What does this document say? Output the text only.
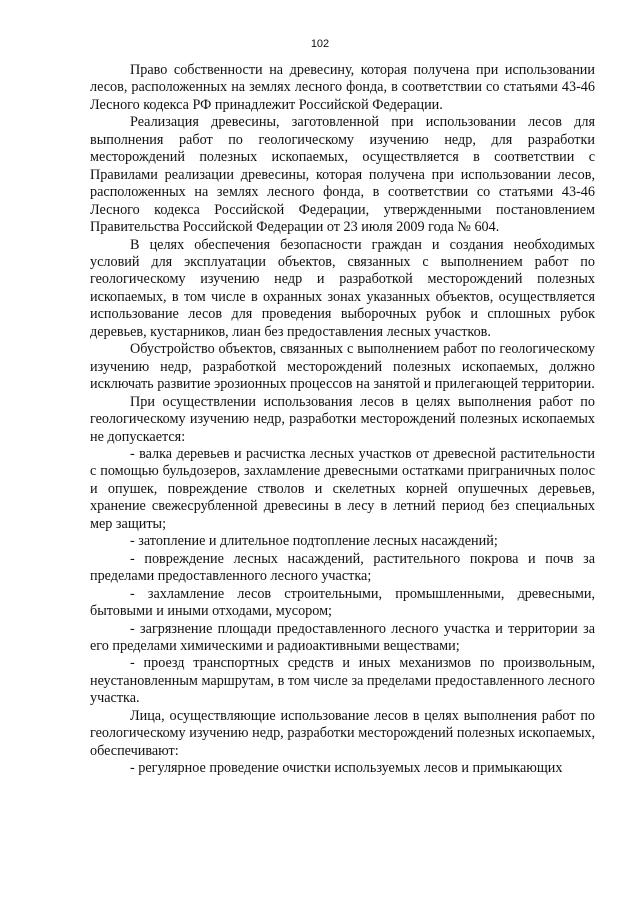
102

Право собственности на древесину, которая получена при использовании лесов, расположенных на землях лесного фонда, в соответствии со статьями 43-46 Лесного кодекса РФ принадлежит Российской Федерации.

Реализация древесины, заготовленной при использовании лесов для выполнения работ по геологическому изучению недр, для разработки месторождений полезных ископаемых, осуществляется в соответствии с Правилами реализации древесины, которая получена при использовании лесов, расположенных на землях лесного фонда, в соответствии со статьями 43-46 Лесного кодекса Российской Федерации, утвержденными постановлением Правительства Российской Федерации от 23 июля 2009 года № 604.

В целях обеспечения безопасности граждан и создания необходимых условий для эксплуатации объектов, связанных с выполнением работ по геологическому изучению недр и разработкой месторождений полезных ископаемых, в том числе в охранных зонах указанных объектов, осуществляется использование лесов для проведения выборочных рубок и сплошных рубок деревьев, кустарников, лиан без предоставления лесных участков.

Обустройство объектов, связанных с выполнением работ по геологическому изучению недр, разработкой месторождений полезных ископаемых, должно исключать развитие эрозионных процессов на занятой и прилегающей территории.

При осуществлении использования лесов в целях выполнения работ по геологическому изучению недр, разработки месторождений полезных ископаемых не допускается:

- валка деревьев и расчистка лесных участков от древесной растительности с помощью бульдозеров, захламление древесными остатками приграничных полос и опушек, повреждение стволов и скелетных корней опушечных деревьев, хранение свежесрубленной древесины в лесу в летний период без специальных мер защиты;

- затопление и длительное подтопление лесных насаждений;

- повреждение лесных насаждений, растительного покрова и почв за пределами предоставленного лесного участка;

- захламление лесов строительными, промышленными, древесными, бытовыми и иными отходами, мусором;

- загрязнение площади предоставленного лесного участка и территории за его пределами химическими и радиоактивными веществами;

- проезд транспортных средств и иных механизмов по произвольным, неустановленным маршрутам, в том числе за пределами предоставленного лесного участка.

Лица, осуществляющие использование лесов в целях выполнения работ по геологическому изучению недр, разработки месторождений полезных ископаемых, обеспечивают:

- регулярное проведение очистки используемых лесов и примыкающих
